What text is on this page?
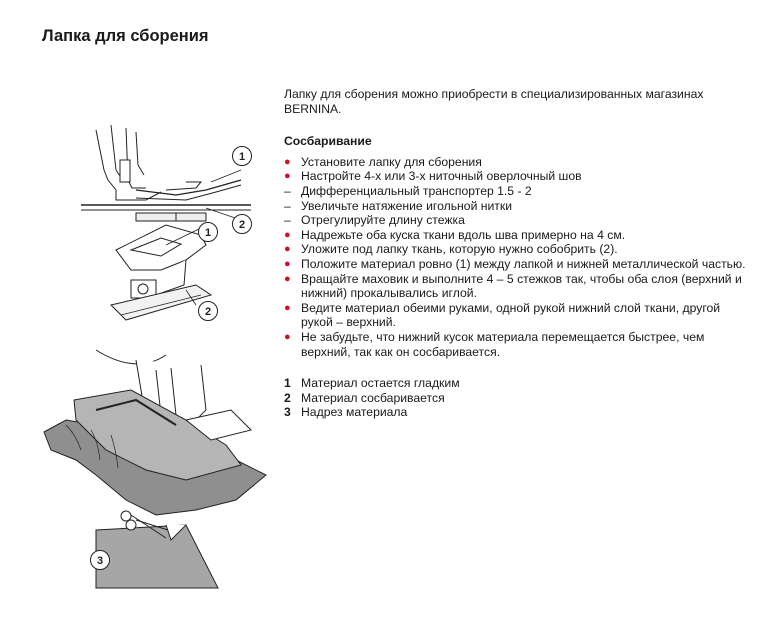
Лапка для сборения
1
2
1
2
3

Лапку для сборения можно приобрести в специализированных магазинах BERNINA.

Сосбаривание

● Установите лапку для сборения
● Настройте 4-х или 3-х ниточный оверлочный шов
– Дифференциальный транспортер 1.5 - 2
– Увеличьте натяжение игольной нитки
– Отрегулируйте длину стежка
● Надрежьте оба куска ткани вдоль шва примерно на 4 см.
● Уложите под лапку ткань, которую нужно собобрить (2).
● Положите материал ровно (1) между лапкой и нижней металлической частью.
● Вращайте маховик и выполните 4 – 5 стежков так, чтобы оба слоя (верхний и нижний) прокалывались иглой.
● Ведите материал обеими руками, одной рукой нижний слой ткани, другой рукой – верхний.
● Не забудьте, что нижний кусок материала перемещается быстрее, чем верхний, так как он сосбаривается.
1 Материал остается гладким
2 Материал сосбаривается
3 Надрез материала
